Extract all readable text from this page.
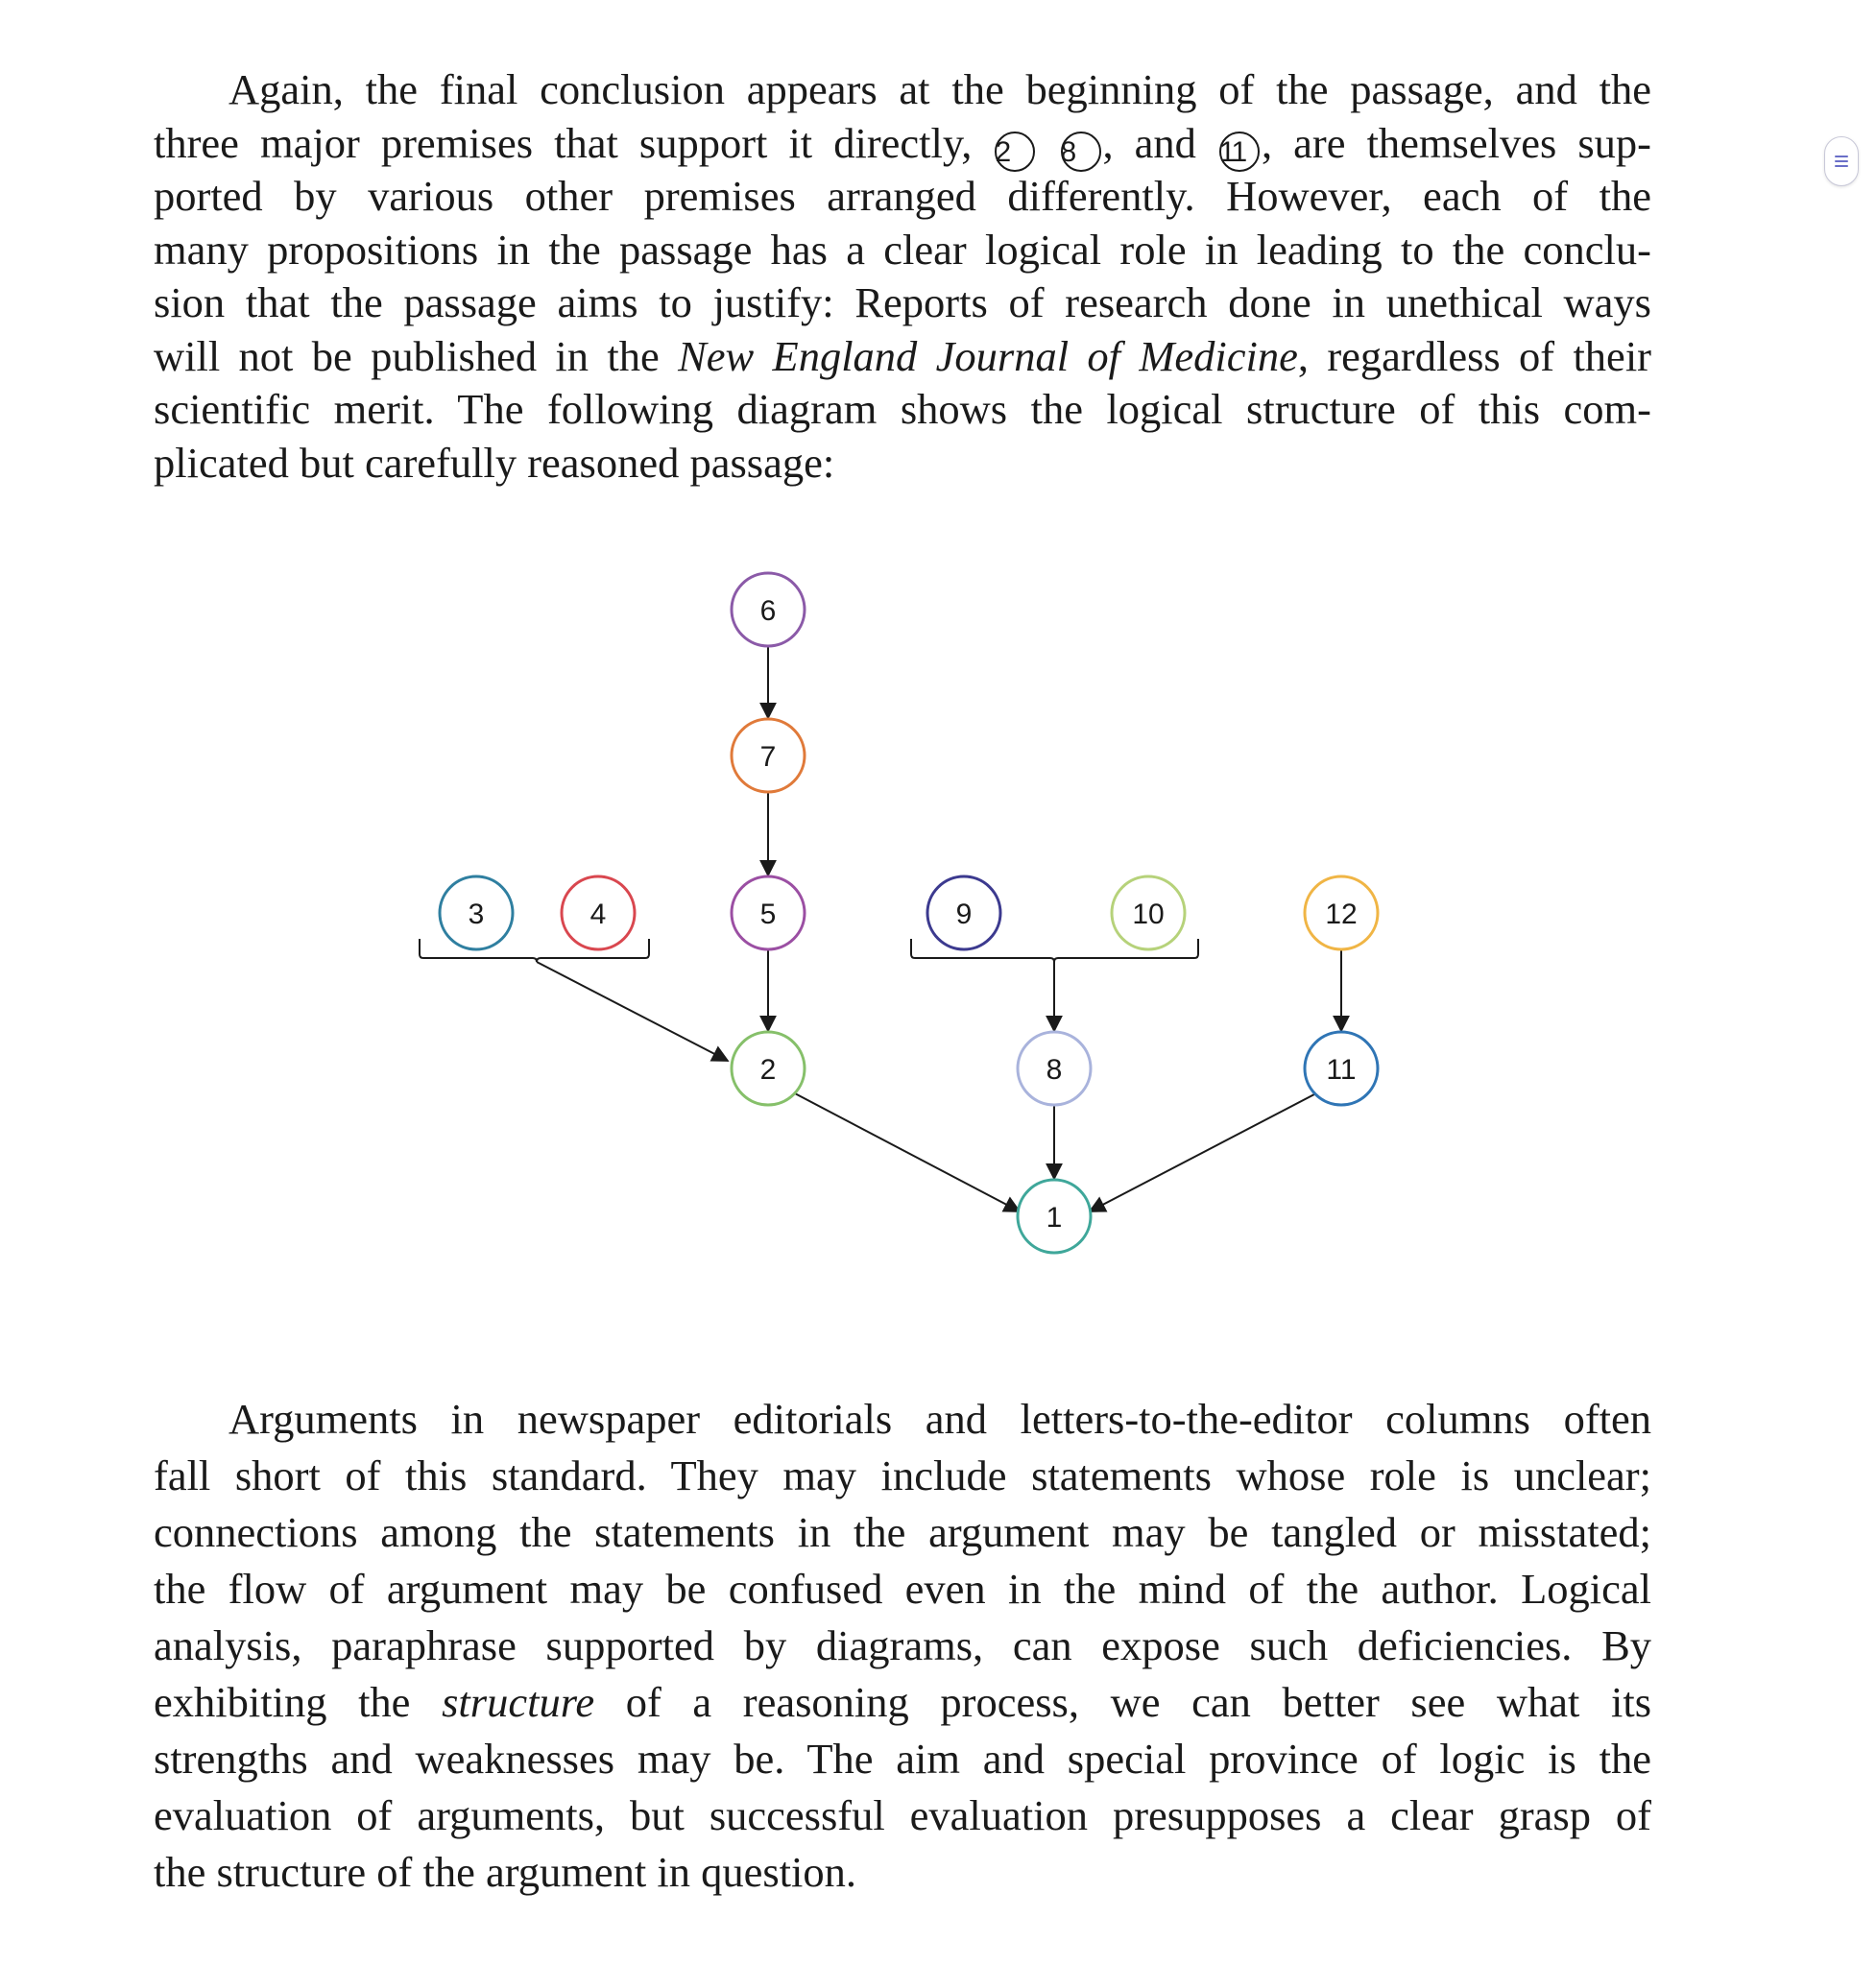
Again, the final conclusion appears at the beginning of the passage, and the
three major premises that support it directly, 2 8 , and 11 , are themselves sup-
ported by various other premises arranged differently. However, each of the
many propositions in the passage has a clear logical role in leading to the conclu-
sion that the passage aims to justify: Reports of research done in unethical ways
will not be published in the New England Journal of Medicine, regardless of their
scientific merit. The following diagram shows the logical structure of this com-
plicated but carefully reasoned passage:

6
7
3	4	5	9	10	12
2	8	11
1

Arguments in newspaper editorials and letters-to-the-editor columns often
fall short of this standard. They may include statements whose role is unclear;
connections among the statements in the argument may be tangled or misstated;
the flow of argument may be confused even in the mind of the author. Logical
analysis, paraphrase supported by diagrams, can expose such deficiencies. By
exhibiting the structure of a reasoning process, we can better see what its
strengths and weaknesses may be. The aim and special province of logic is the
evaluation of arguments, but successful evaluation presupposes a clear grasp of
the structure of the argument in question.
